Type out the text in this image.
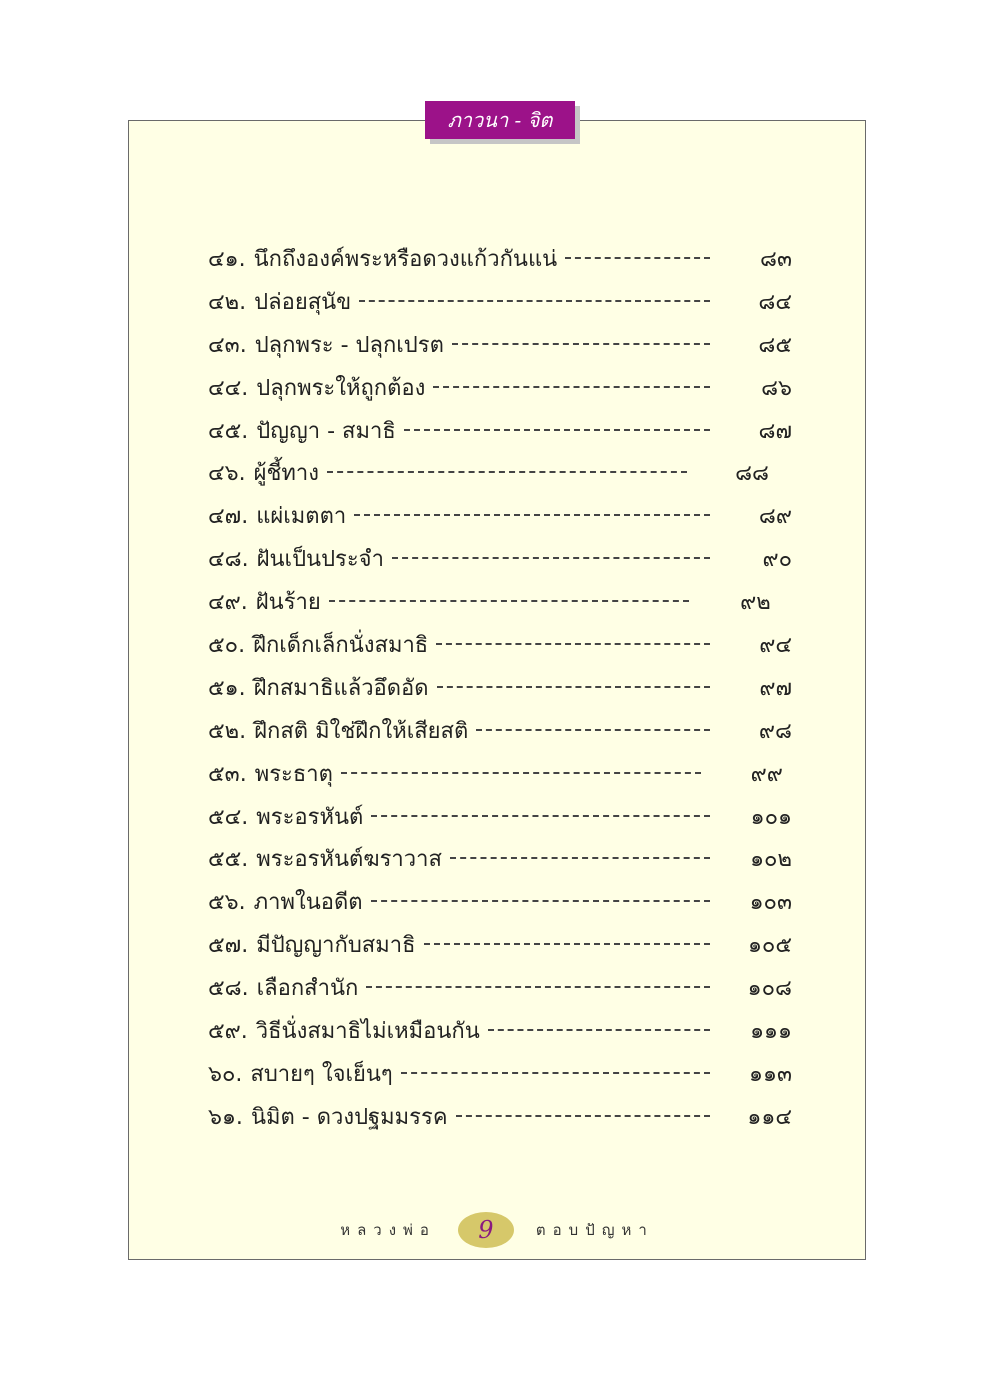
ภาวนา - จิต
๔๑. นึกถึงองค์พระหรือดวงแก้วกันแน่	๘๓
๔๒. ปล่อยสุนัข	๘๔
๔๓. ปลุกพระ - ปลุกเปรต	๘๕
๔๔. ปลุกพระให้ถูกต้อง	๘๖
๔๕. ปัญญา - สมาธิ	๘๗
๔๖. ผู้ชี้ทาง	๘๘
๔๗. แผ่เมตตา	๘๙
๔๘. ฝันเป็นประจำ	๙๐
๔๙. ฝันร้าย	๙๒
๕๐. ฝึกเด็กเล็กนั่งสมาธิ	๙๔
๕๑. ฝึกสมาธิแล้วอึดอัด	๙๗
๕๒. ฝึกสติ มิใช่ฝึกให้เสียสติ	๙๘
๕๓. พระธาตุ	๙๙
๕๔. พระอรหันต์	๑๐๑
๕๕. พระอรหันต์ฆราวาส	๑๐๒
๕๖. ภาพในอดีต	๑๐๓
๕๗. มีปัญญากับสมาธิ	๑๐๕
๕๘. เลือกสำนัก	๑๐๘
๕๙. วิธีนั่งสมาธิไม่เหมือนกัน	๑๑๑
๖๐. สบายๆ ใจเย็นๆ	๑๑๓
๖๑. นิมิต - ดวงปฐมมรรค	๑๑๔
หลวงพ่อ	9	ตอบปัญหา
